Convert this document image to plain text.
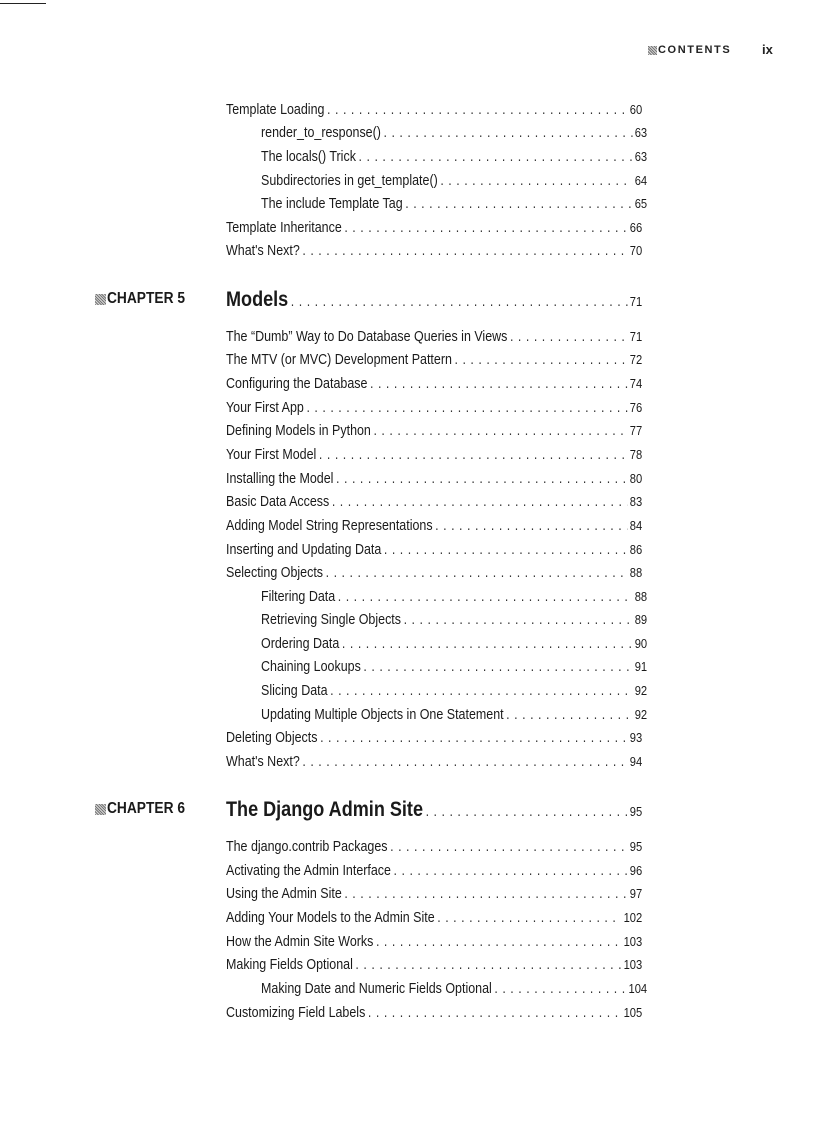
CONTENTS ix
Template Loading . . .	60
render_to_response() . . .	63
The locals() Trick . . .	63
Subdirectories in get_template() . . .	64
The include Template Tag . . .	65
Template Inheritance . . .	66
What's Next? . . .	70
CHAPTER 5 Models . . .	71
The “Dumb” Way to Do Database Queries in Views . . .	71
The MTV (or MVC) Development Pattern . . .	72
Configuring the Database . . .	74
Your First App . . .	76
Defining Models in Python . . .	77
Your First Model . . .	78
Installing the Model . . .	80
Basic Data Access . . .	83
Adding Model String Representations . . .	84
Inserting and Updating Data . . .	86
Selecting Objects . . .	88
Filtering Data . . .	88
Retrieving Single Objects . . .	89
Ordering Data . . .	90
Chaining Lookups . . .	91
Slicing Data . . .	92
Updating Multiple Objects in One Statement . . .	92
Deleting Objects . . .	93
What's Next? . . .	94
CHAPTER 6 The Django Admin Site . . .	95
The django.contrib Packages . . .	95
Activating the Admin Interface . . .	96
Using the Admin Site . . .	97
Adding Your Models to the Admin Site . . .	102
How the Admin Site Works . . .	103
Making Fields Optional . . .	103
Making Date and Numeric Fields Optional . . .	104
Customizing Field Labels . . .	105
